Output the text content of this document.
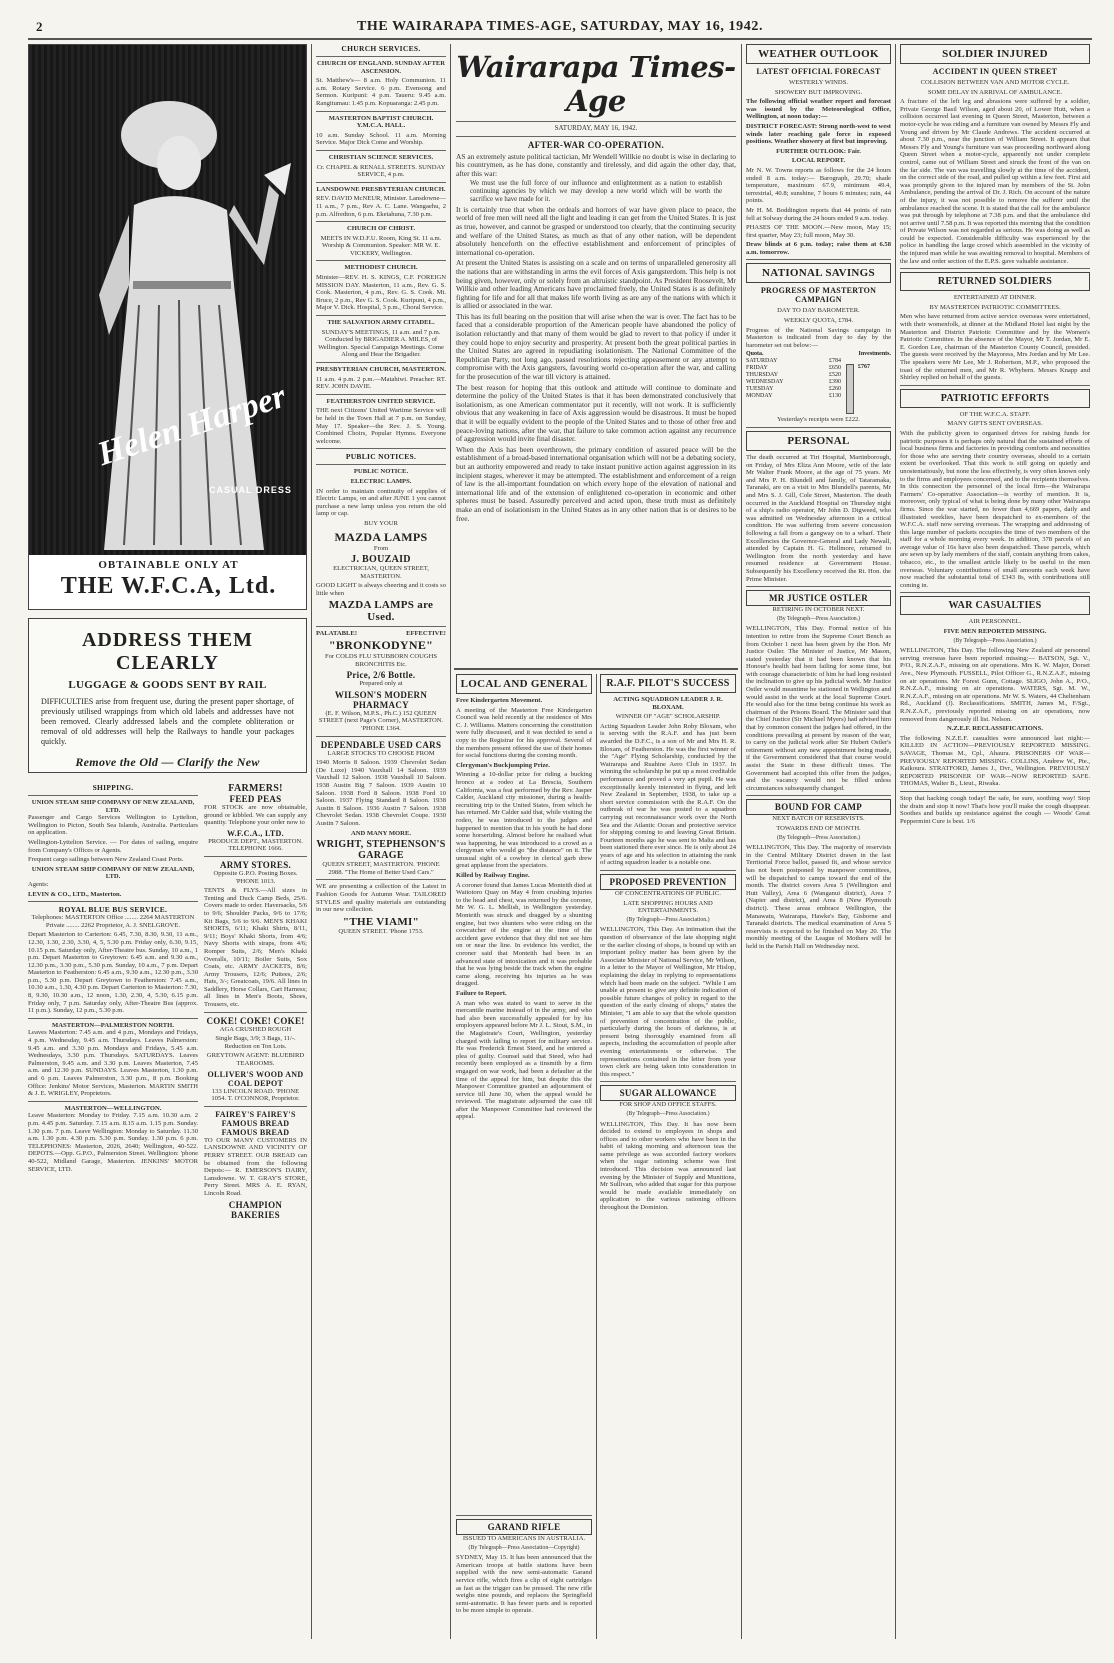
2	THE WAIRARAPA TIMES-AGE, SATURDAY, MAY 16, 1942.
Helen Harper
CASUAL DRESS
OBTAINABLE ONLY AT
THE W.F.C.A, Ltd.
ADDRESS THEM CLEARLY
LUGGAGE & GOODS SENT BY RAIL
DIFFICULTIES arise from frequent use, during the present paper shortage, of previously utilised wrappings from which old labels and addresses have not been removed. Clearly addressed labels and the complete obliteration or removal of old addresses will help the Railways to handle your packages quickly.
Remove the Old — Clarify the New
SHIPPING.
UNION STEAM SHIP COMPANY OF NEW ZEALAND, LTD.

Passenger and Cargo Services Wellington to Lyttelton, Wellington to Picton, South Sea Islands, Australia. Particulars on application.

Wellington-Lyttelton Service. — For dates of sailing, enquire from Company's Offices or Agents.

Frequent cargo sailings between New Zealand Coast Ports.

UNION STEAM SHIP COMPANY OF NEW ZEALAND, LTD.

Agents:

LEVIN & CO., LTD., Masterton.

ROYAL BLUE BUS SERVICE.

Telephones: MASTERTON Office ........ 2264 MASTERTON Private ........ 2262 Proprietor, A. J. SNELGROVE.

Depart Masterton to Carterton: 6.45, 7.30, 8.30, 9.30, 11 a.m., 12.30, 1.30, 2.30, 3.30, 4, 5, 5.30 p.m. Friday only, 6.30, 9.15, 10.15 p.m. Saturday only, After-Theatre bus. Sunday, 10 a.m., 1 p.m. Depart Masterton to Greytown: 6.45 a.m. and 9.30 a.m., 12.30 p.m., 3.30 p.m., 5.30 p.m. Sunday, 10 a.m., 7 p.m. Depart Masterton to Featherston: 6.45 a.m., 9.30 a.m., 12.30 p.m., 3.30 p.m., 5.30 p.m. Depart Greytown to Featherston: 7.45 a.m., 10.30 a.m., 1.30, 4.30 p.m. Depart Carterton to Masterton: 7.30, 8, 9.30, 10.30 a.m., 12 noon, 1.30, 2.30, 4, 5.30, 6.15 p.m. Friday only, 7 p.m. Saturday only, After-Theatre Bus (approx. 11 p.m.). Sunday, 12 p.m., 5.30 p.m.

MASTERTON—PALMERSTON NORTH.

Leaves Masterton: 7.45 a.m. and 4 p.m., Mondays and Fridays, 4 p.m. Wednesday, 9.45 a.m. Thursdays. Leaves Palmerston: 9.45 a.m. and 3.30 p.m. Mondays and Fridays, 5.45 a.m. Wednesdays, 3.30 p.m. Thursdays. SATURDAYS. Leaves Palmerston, 9.45 a.m. and 3.30 p.m. Leaves Masterton, 7.45 a.m. and 12.30 p.m. SUNDAYS. Leaves Masterton, 1.30 p.m. and 6 p.m. Leaves Palmerston, 3.30 p.m., 8 p.m. Booking Office: Jenkins' Motor Services, Masterton. MARTIN SMITH & J. E. WRIGLEY, Proprietors.

MASTERTON—WELLINGTON.

Leave Masterton: Monday to Friday. 7.15 a.m. 10.30 a.m. 2 p.m. 4.45 p.m. Saturday. 7.15 a.m. 8.15 a.m. 1.15 p.m. Sunday. 1.30 p.m. 7 p.m. Leave Wellington: Monday to Saturday. 11.30 a.m. 1.30 p.m. 4.30 p.m. 5.30 p.m. Sunday. 1.30 p.m. 6 p.m. TELEPHONES: Masterton, 2026, 2640; Wellington, 40-522. DEPOTS.—Opp. G.P.O., Palmerston Street. Wellington: 'phone 40-522, Midland Garage, Masterton. JENKINS' MOTOR SERVICE, LTD.

FARMERS!
FEED PEAS

FOR STOCK are now obtainable, ground or kibbled. We can supply any quantity. Telephone your order now to

W.F.C.A., LTD.

PRODUCE DEPT., MASTERTON. TELEPHONE 1666.

ARMY STORES.

Opposite G.P.O. Posting Boxes. 'PHONE 1013.

TENTS & FLYS.—All sizes in Tenting and Duck Camp Beds, 25/6. Covers made to order. Haversacks, 5/6 to 9/6; Shoulder Packs, 9/6 to 17/6; Kit Bags, 5/6 to 9/6. MEN'S KHAKI SHORTS, 6/11; Khaki Shirts, 8/11, 9/11; Boys' Khaki Shorts, from 4/6; Navy Shorts with straps, from 4/6; Romper Suits, 2/6; Men's Khaki Overalls, 10/11; Boiler Suits, Sox Coats, etc. ARMY JACKETS, 8/6; Army Trousers, 12/6; Puttees, 2/6; Hats, 3/-; Greatcoats, 19/6. All lines in Saddlery, Horse Collars, Cart Harness; all lines in Men's Boots, Shoes, Trousers, etc.

COKE! COKE! COKE!

AGA CRUSHED ROUGH

Single Bags, 3/9; 3 Bags, 11/-. Reduction on Ton Lots.

GREYTOWN AGENT: BLUEBIRD TEAROOMS.

OLLIVER'S WOOD AND COAL DEPOT

133 LINCOLN ROAD. 'PHONE 1054. T. O'CONNOR, Proprietor.

FAIREY'S FAIREY'S
FAMOUS BREAD FAMOUS BREAD

TO OUR MANY CUSTOMERS IN LANSDOWNE AND VICINITY OF PERRY STREET. OUR BREAD can be obtained from the following Depots:— R. EMERSON'S DAIRY, Lansdowne. W. T. GRAY'S STORE, Perry Street. MRS A. E. RYAN, Lincoln Road.

CHAMPION BAKERIES
CHURCH SERVICES.

CHURCH OF ENGLAND. SUNDAY AFTER ASCENSION.

St. Matthew's— 8 a.m. Holy Communion. 11 a.m. Rotary Service. 6 p.m. Evensong and Sermon. Kuripuni: 4 p.m. Taueru: 9.45 a.m. Rangitumau: 1.45 p.m. Kopuaranga: 2.45 p.m.

MASTERTON BAPTIST CHURCH. Y.M.C.A. HALL.

10 a.m. Sunday School. 11 a.m. Morning Service. Major Dick Come and Worship.

CHRISTIAN SCIENCE SERVICES.

Cr. CHAPEL & RENALL STREETS. SUNDAY SERVICE, 4 p.m.

LANSDOWNE PRESBYTERIAN CHURCH.

REV. DAVID McNEUR, Minister. Lansdowne— 11 a.m., 7 p.m., Rev A. C. Lane. Wangaehu, 2 p.m. Alfredton, 6 p.m. Eketahuna, 7.30 p.m.

CHURCH OF CHRIST.

MEETS IN W.D.F.U. Room, King St. 11 a.m. Worship & Communion. Speaker: MR W. E. VICKERY, Wellington.

METHODIST CHURCH.

Minister—REV. H. S. KINGS, C.F. FOREIGN MISSION DAY. Masterton, 11 a.m., Rev. G. S. Cook. Masterton, 4 p.m., Rev. G. S. Cook. Mt. Bruce, 2 p.m., Rev G. S. Cook. Kuripuni, 4 p.m., Major V. Dick. Hospital, 3 p.m., Choral Service.

THE SALVATION ARMY CITADEL.

SUNDAY'S MEETINGS, 11 a.m. and 7 p.m. Conducted by BRIGADIER A. MILES, of Wellington. Special Campaign Meetings. Come Along and Hear the Brigadier.

PRESBYTERIAN CHURCH, MASTERTON.

11 a.m. 4 p.m. 2 p.m.—Matahiwi. Preacher: RT. REV. JOHN DAVIE.

FEATHERSTON UNITED SERVICE.

THE next Citizens' United Wartime Service will be held in the Town Hall at 7 p.m. on Sunday, May 17. Speaker—the Rev. J. S. Young. Combined Choirs, Popular Hymns. Everyone welcome.

PUBLIC NOTICES.

PUBLIC NOTICE.

ELECTRIC LAMPS.

IN order to maintain continuity of supplies of Electric Lamps, on and after JUNE 1 you cannot purchase a new lamp unless you return the old lamp or cap.

BUY YOUR

MAZDA LAMPS

From

J. BOUZAID

ELECTRICIAN, QUEEN STREET, MASTERTON.

GOOD LIGHT is always cheering and it costs so little when

MAZDA LAMPS are Used.
PALATABLE!	EFFECTIVE!
"BRONKODYNE"

For COLDS FLU STUBBORN COUGHS BRONCHITIS Etc.

Price, 2/6 Bottle.

Prepared only at

WILSON'S MODERN PHARMACY

(E. F. Wilson, M.P.S., Ph.C.) 152 QUEEN STREET (next Page's Corner), MASTERTON. 'PHONE 1364.

DEPENDABLE USED CARS

LARGE STOCKS TO CHOOSE FROM

1940 Morris 8 Saloon. 1939 Chevrolet Sedan (De Luxe) 1940 Vauxhall 14 Saloon. 1939 Vauxhall 12 Saloon. 1938 Vauxhall 10 Saloon. 1938 Austin Big 7 Saloon. 1939 Austin 10 Saloon. 1938 Ford 8 Saloon. 1938 Ford 10 Saloon. 1937 Flying Standard 8 Saloon. 1938 Austin 8 Saloon. 1936 Austin 7 Saloon. 1938 Chevrolet Sedan. 1938 Chevrolet Coupe. 1930 Austin 7 Saloon.

AND MANY MORE.

WRIGHT, STEPHENSON'S GARAGE

QUEEN STREET, MASTERTON. 'PHONE 2988. "The Home of Better Used Cars."

WE are presenting a collection of the Latest in Fashion Goods for Autumn Wear. TAILORED STYLES and quality materials are outstanding in our new collection.

"THE VIAMI"

QUEEN STREET. 'Phone 1753.

Wairarapa Times-Age
SATURDAY, MAY 16, 1942.
AFTER-WAR CO-OPERATION.

AS an extremely astute political tactician, Mr Wendell Willkie no doubt is wise in declaring to his countrymen, as he has done, constantly and tirelessly, and did again the other day, that, after this war:

We must use the full force of our influence and enlightenment as a nation to establish continuing agencies by which we may develop a new world which will be worth the sacrifice we have made for it.

It is certainly true that when the ordeals and horrors of war have given place to peace, the world of free men will need all the light and leading it can get from the United States. It is just as true, however, and cannot be grasped or understood too clearly, that the continuing security and welfare of the United States, as much as that of any other nation, will be dependent absolutely henceforth on the effective establishment and enforcement of principles of international co-operation.

At present the United States is assisting on a scale and on terms of unparalleled generosity all the nations that are withstanding in arms the evil forces of Axis gangsterdom. This help is not being given, however, only or solely from an altruistic standpoint. As President Roosevelt, Mr Willkie and other leading Americans have proclaimed freely, the United States is as definitely fighting for life and for all that makes life worth living as are any of the nations with which it is allied or associated in the war.

This has its full bearing on the position that will arise when the war is over. The fact has to be faced that a considerable proportion of the American people have abandoned the policy of isolation reluctantly and that many of them would be glad to revert to that policy if under it they could hope to enjoy security and prosperity. At present both the great political parties in the United States are agreed in repudiating isolationism. The National Committee of the Republican Party, not long ago, passed resolutions rejecting appeasement or any attempt to compromise with the Axis gangsters, favouring world co-operation after the war, and calling for the prosecution of the war till victory is attained.

The best reason for hoping that this outlook and attitude will continue to dominate and determine the policy of the United States is that it has been demonstrated conclusively that isolationism, as one American commentator put it recently, will not work. It is sufficiently obvious that any weakening in face of Axis aggression would be disastrous. It must be hoped that it will be equally evident to the people of the United States and to those of other free and peace-loving nations, after the war, that failure to take common action against any recurrence of aggression would invite final disaster.

When the Axis has been overthrown, the primary condition of assured peace will be the establishment of a broad-based international organisation which will not be a debating society, but an authority empowered and ready to take instant punitive action against aggression in its incipient stages, wherever it may be attempted. The establishment and enforcement of a reign of law is the all-important foundation on which every hope of the elevation of national and international life and of the extension of enlightened co-operation in economic and other spheres must be based. Assuredly perceived and acted upon, these truth must as definitely make an end of isolationism in the United States as in any other nation that is or desires to be free.

LOCAL AND GENERAL

Free Kindergarten Movement.

A meeting of the Masterton Free Kindergarten Council was held recently at the residence of Mrs C. J. Williams. Matters concerning the constitution were fully discussed, and it was decided to send a copy to the Registrar for his approval. Several of the members present offered the use of their homes for social functions during the coming month.

Clergyman's Buckjumping Prize.

Winning a 10-dollar prize for riding a bucking bronco at a rodeo at La Brescia, Southern California, was a feat performed by the Rev. Jasper Calder, Auckland city missioner, during a health-recruiting trip to the United States, from which he has returned. Mr Calder said that, while visiting the rodeo, he was introduced to the judges and happened to mention that in his youth he had done some horseriding. Almost before he realised what was happening, he was introduced to a crowd as a clergyman who would go "the distance" on it. The unusual sight of a cowboy in clerical garb drew great applause from the spectators.

Killed by Railway Engine.

A coroner found that James Lucas Monteith died at Waitotoro Quay on May 4 from crushing injuries to the head and chest, was returned by the coroner, Mr W. G. L. Mellish, in Wellington yesterday. Monteith was struck and dragged by a shunting engine, but two shunters who were riding on the cowcatcher of the engine at the time of the accident gave evidence that they did not see him on or near the line. In evidence his verdict, the coroner said that Monteith had been in an advanced state of intoxication and it was probable that he was lying beside the track when the engine came along, receiving his injuries as he was dragged.

Failure to Report.

A man who was stated to want to serve in the mercantile marine instead of in the army, and who had also been successfully appealed for by his employers appeared before Mr J. L. Stout, S.M., in the Magistrate's Court, Wellington, yesterday charged with failing to report for military service. He was Frederick Ernest Steed, and he entered a plea of guilty. Counsel said that Steed, who had recently been employed as a tinsmith by a firm engaged on war work, had been a defaulter at the time of the appeal for him, but despite this the Manpower Committee granted an adjournment of service till June 30, when the appeal would be reviewed. The magistrate adjourned the case till after the Manpower Committee had reviewed the appeal.

R.A.F. PILOT'S SUCCESS

ACTING SQUADRON LEADER J. R. BLOXAM.

WINNER OF "AGE" SCHOLARSHIP.

Acting Squadron Leader John Roby Bloxam, who is serving with the R.A.F. and has just been awarded the D.F.C., is a son of Mr and Mrs H. R. Bloxam, of Featherston. He was the first winner of the "Age" Flying Scholarship, conducted by the Wairarapa and Ruahine Aero Club in 1937. In winning the scholarship he put up a most creditable performance and proved a very apt pupil. He was exceptionally keenly interested in flying, and left New Zealand in September, 1938, to take up a short service commission with the R.A.F. On the outbreak of war he was posted to a squadron carrying out reconnaissance work over the North Sea and the Atlantic Ocean and protective service for shipping coming to and leaving Great Britain. Fourteen months ago he was sent to Malta and has been stationed there ever since. He is only about 24 years of age and his selection in attaining the rank of acting squadron leader is a notable one.

PROPOSED PREVENTION

OF CONCENTRATIONS OF PUBLIC.

LATE SHOPPING HOURS AND ENTERTAINMENTS.

(By Telegraph—Press Association.)

WELLINGTON, This Day. An intimation that the question of observance of the late shopping night or the earlier closing of shops, is bound up with an important policy matter has been given by the Associate Minister of National Service, Mr Wilson, in a letter to the Mayor of Wellington, Mr Hislop, explaining the delay in replying to representations which had been made on the subject. "While I am unable at present to give any definite indication of possible future changes of policy in regard to the question of the early closing of shops," states the Minister, "I am able to say that the whole question of prevention of concentration of the public, particularly during the hours of darkness, is at present being thoroughly examined from all aspects, including the accumulation of people after evening entertainments or otherwise. The representations contained in the letter from your town clerk are being taken into consideration in this respect."

SUGAR ALLOWANCE

FOR SHOP AND OFFICE STAFFS.

(By Telegraph—Press Association.)

WELLINGTON, This Day. It has now been decided to extend to employees in shops and offices and to other workers who have been in the habit of taking morning and afternoon teas the same privilege as was accorded factory workers when the sugar rationing scheme was first introduced. This decision was announced last evening by the Minister of Supply and Munitions, Mr Sullivan, who added that sugar for this purpose would be made available immediately on application to the various rationing officers throughout the Dominion.

GARAND RIFLE

ISSUED TO AMERICANS IN AUSTRALIA.

(By Telegraph—Press Association—Copyright)

SYDNEY, May 15. It has been announced that the American troops at battle stations have been supplied with the new semi-automatic Garand service rifle, which fires a clip of eight cartridges as fast as the trigger can be pressed. The new rifle weighs nine pounds, and replaces the Springfield semi-automatic. It has fewer parts and is reported to be more simple to operate.

WEATHER OUTLOOK
LATEST OFFICIAL FORECAST

WESTERLY WINDS.

SHOWERY BUT IMPROVING.

The following official weather report and forecast was issued by the Meteorological Office, Wellington, at noon today:—

DISTRICT FORECAST: Strong north-west to west winds later reaching gale force in exposed positions. Weather showery at first but improving.

FURTHER OUTLOOK: Fair.

LOCAL REPORT.

Mr N. W. Towns reports as follows for the 24 hours ended 8 a.m. today:— Barograph, 29.70; shade temperature, maximum 67.9, minimum 49.4, terrestrial, 40.8; sunshine, 7 hours 6 minutes; rain, 44 points.

Mr H. M. Boddington reports that 44 points of rain fell at Solway during the 24 hours ended 9 a.m. today.

PHASES OF THE MOON.—New moon, May 15; first quarter, May 23; full moon, May 30.

Draw blinds at 6 p.m. today; raise them at 6.58 a.m. tomorrow.

NATIONAL SAVINGS
PROGRESS OF MASTERTON CAMPAIGN

DAY TO DAY BAROMETER.

WEEKLY QUOTA, £784.

Progress of the National Savings campaign in Masterton is indicated from day to day by the barometer set out below:—

Quota.	Investments.
SATURDAY	£784
FRIDAY	£650
THURSDAY	£520
WEDNESDAY	£390
TUESDAY	£260
MONDAY	£130
£767

Yesterday's receipts were £222.

PERSONAL

The death occurred at Tiri Hospital, Martinborough, on Friday, of Mrs Eliza Ann Moore, wife of the late Mr Walter Frank Moore, at the age of 75 years. Mr and Mrs P. H. Blundell and family, of Tataramaka, Taranaki, are on a visit to Mrs Blundell's parents, Mr and Mrs S. J. Gill, Cole Street, Masterton. The death occurred in the Auckland Hospital on Thursday night of a ship's radio operator, Mr John D. Digweed, who was admitted on Wednesday afternoon in a critical condition. He was suffering from severe concussion following a fall from a gangway on to a wharf. Their Excellencies the Governor-General and Lady Newall, attended by Captain H. G. Hellmore, returned to Wellington from the north yesterday and have resumed residence at Government House. Subsequently his Excellency received the Rt. Hon. the Prime Minister.

MR JUSTICE OSTLER

RETIRING IN OCTOBER NEXT.

(By Telegraph—Press Association.)

WELLINGTON, This Day. Formal notice of his intention to retire from the Supreme Court Bench as from October 1 next has been given by the Hon. Mr Justice Ostler. The Minister of Justice, Mr Mason, stated yesterday that it had been known that his Honour's health had been failing for some time, but with courage characteristic of him he had long resisted the inclination to give up his judicial work. Mr Justice Ostler would meantime be stationed in Wellington and would assist in the work at the local Supreme Court. He would also for the time being continue his work as chairman of the Prisons Board. The Minister said that the Chief Justice (Sir Michael Myers) had advised him that by common consent the judges had offered, in the conditions prevailing at present by reason of the war, to carry on the judicial work after Sir Hubert Ostler's retirement without any new appointment being made, if the Government considered that that course would assist the State in these difficult times. The Government had accepted this offer from the judges, and the vacancy would not be filled unless circumstances subsequently changed.

BOUND FOR CAMP

NEXT BATCH OF RESERVISTS.

TOWARDS END OF MONTH.

(By Telegraph—Press Association.)

WELLINGTON, This Day. The majority of reservists in the Central Military District drawn in the last Territorial Force ballot, passed fit, and whose service has not been postponed by manpower committees, will be dispatched to camps toward the end of the month. The district covers Area 5 (Wellington and Hutt Valley), Area 6 (Wanganui district), Area 7 (Napier and district), and Area 8 (New Plymouth district). These areas embrace Wellington, the Manawatu, Wairarapa, Hawke's Bay, Gisborne and Taranaki districts. The medical examination of Area 5 reservists is expected to be finished on May 20. The monthly meeting of the League of Mothers will be held in the Parish Hall on Wednesday next.

SOLDIER INJURED
ACCIDENT IN QUEEN STREET

COLLISION BETWEEN VAN AND MOTOR CYCLE.

SOME DELAY IN ARRIVAL OF AMBULANCE.

A fracture of the left leg and abrasions were suffered by a soldier, Private George Basil Wilson, aged about 20, of Lower Hutt, when a collision occurred last evening in Queen Street, Masterton, between a motor-cycle he was riding and a furniture van owned by Messrs Fly and Young and driven by Mr Claude Andrews. The accident occurred at about 7.30 p.m., near the junction of William Street. It appears that Messrs Fly and Young's furniture van was proceeding northward along Queen Street when a motor-cycle, apparently not under complete control, came out of William Street and struck the front of the van on the far side. The van was travelling slowly at the time of the accident, on the correct side of the road, and pulled up within a few feet. First aid was promptly given to the injured man by members of the St. John Ambulance, pending the arrival of Dr. J. Rich. On account of the nature of the injury, it was not possible to remove the sufferer until the ambulance reached the scene. It is stated that the call for the ambulance was put through by telephone at 7.38 p.m. and that the ambulance did not arrive until 7.58 p.m. It was reported this morning that the condition of Private Wilson was not regarded as serious. He was doing as well as could be expected. Considerable difficulty was experienced by the police in handling the large crowd which assembled in the vicinity of the injured man while he was awaiting removal to hospital. Members of the law and order section of the E.P.S. gave valuable assistance.

RETURNED SOLDIERS

ENTERTAINED AT DINNER.

BY MASTERTON PATRIOTIC COMMITTEES.

Men who have returned from active service overseas were entertained, with their womenfolk, at dinner at the Midland Hotel last night by the Masterton and District Patriotic Committee and by the Women's Patriotic Committee. In the absence of the Mayor, Mr T. Jordan, Mr E. E. Gordon Lee, chairman of the Masterton County Council, presided. The guests were received by the Mayoress, Mrs Jordan and by Mr Lee. The speakers were Mr Lee, Mr J. Robertson, M.P., who proposed the toast of the returned men, and Mr R. Whybern. Messrs Knapp and Shirley replied on behalf of the guests.

PATRIOTIC EFFORTS

OF THE W.F.C.A. STAFF.

MANY GIFTS SENT OVERSEAS.

With the publicity given to organised drives for raising funds for patriotic purposes it is perhaps only natural that the sustained efforts of local business firms and factories in providing comforts and necessities for those who are serving their country overseas, should to a certain extent be overlooked. That this work is still going on quietly and unostentatiously, but none the less effectively, is very often known only to the firms and employees concerned, and to the recipients themselves. In this connection the personnel of the local firm—the Wairarapa Farmers' Co-operative Association—is worthy of mention. It is, moreover, only typical of what is being done by many other Wairarapa firms. Since the war started, no fewer than 4,669 papers, daily and illustrated weeklies, have been despatched to ex-members of the W.F.C.A. staff now serving overseas. The wrapping and addressing of this large number of packets occupies the time of two members of the staff for a whole morning every week. In addition, 378 parcels of an average value of 16s have also been despatched. These parcels, which are sewn up by lady members of the staff, contain anything from cakes, tobacco, etc., to the smallest article likely to be useful to the men overseas. Voluntary contributions of small amounts each week have now reached the substantial total of £343 8s, with contributions still coming in.

WAR CASUALTIES

AIR PERSONNEL.

FIVE MEN REPORTED MISSING.

(By Telegraph—Press Association.)

WELLINGTON, This Day. The following New Zealand air personnel serving overseas have been reported missing:— BATSON, Sgt. V., P/O., R.N.Z.A.F., missing on air operations. Mrs K. W. Major, Dorset Ave., New Plymouth. FUSSELL, Pilot Officer G., R.N.Z.A.F., missing on air operations. Mr Forest Gunn, Cottage. SLIGO, John A., P/O., R.N.Z.A.F., missing on air operations. WATERS, Sgt. M. W., R.N.Z.A.F., missing on air operations. Mr W. S. Waters, 44 Cheltenham Rd., Auckland (f). Reclassifications. SMITH, James M., F/Sgt., R.N.Z.A.F., previously reported missing on air operations, now removed from dangerously ill list. Nelson.

N.Z.E.F. RECLASSIFICATIONS.

The following N.Z.E.F. casualties were announced last night:— KILLED IN ACTION—PREVIOUSLY REPORTED MISSING. SAVAGE, Thomas M., Cpl., Ahaura. PRISONERS OF WAR—PREVIOUSLY REPORTED MISSING. COLLINS, Andrew W., Pte., Kaikoura. STRATFORD, James J., Dvr., Wellington. PREVIOUSLY REPORTED PRISONER OF WAR—NOW REPORTED SAFE. THOMAS, Walter B., Lieut., Riwaka.

Stop that hacking cough today! Be safe, be sure, soothing way! Stop the drain and stop it now! That's how you'll make the cough disappear. Soothes and builds up resistance against the cough — Woods' Great Peppermint Cure is best. 1/6
